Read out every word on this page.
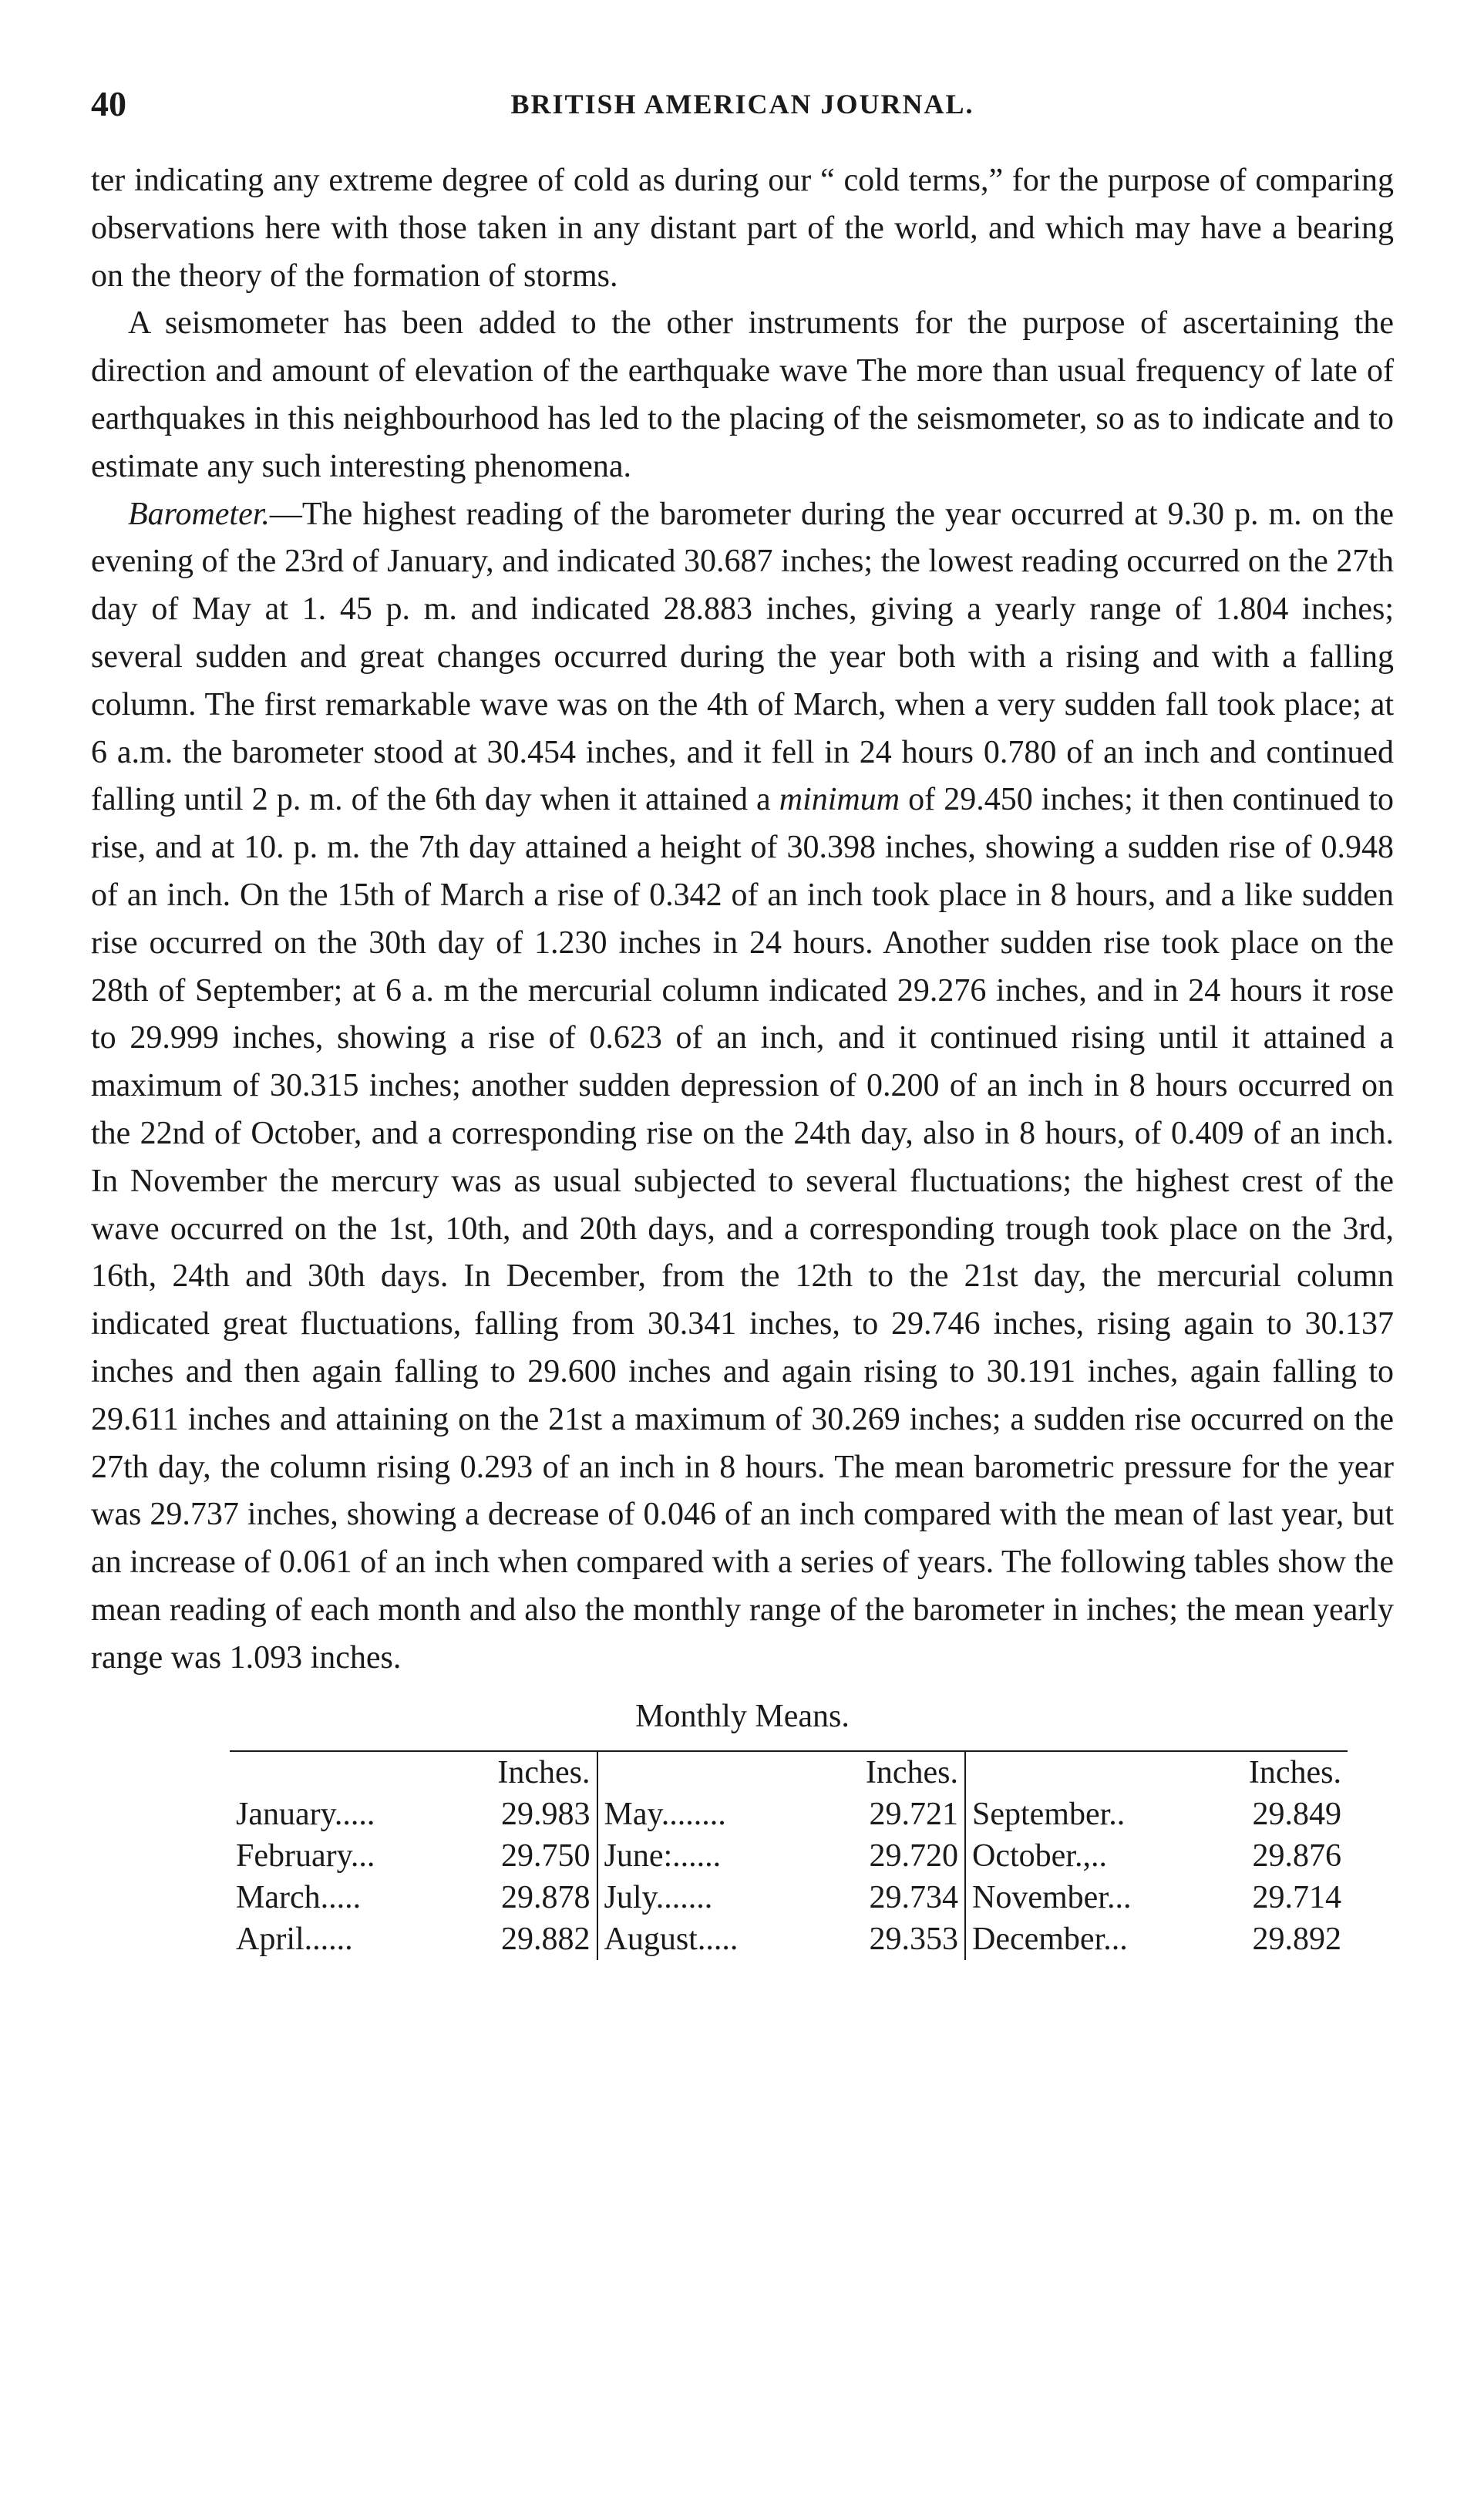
40	BRITISH AMERICAN JOURNAL.

ter indicating any extreme degree of cold as during our “ cold terms,” for the purpose of comparing observations here with those taken in any distant part of the world, and which may have a bearing on the theory of the formation of storms.

A seismometer has been added to the other instruments for the purpose of ascertaining the direction and amount of elevation of the earthquake wave The more than usual frequency of late of earthquakes in this neighbourhood has led to the placing of the seismometer, so as to indicate and to estimate any such interesting phenomena.

Barometer.—The highest reading of the barometer during the year occurred at 9.30 p. m. on the evening of the 23rd of January, and indicated 30.687 inches; the lowest reading occurred on the 27th day of May at 1. 45 p. m. and indicated 28.883 inches, giving a yearly range of 1.804 inches; several sudden and great changes occurred during the year both with a rising and with a falling column. The first remarkable wave was on the 4th of March, when a very sudden fall took place; at 6 a.m. the barometer stood at 30.454 inches, and it fell in 24 hours 0.780 of an inch and continued falling until 2 p. m. of the 6th day when it attained a minimum of 29.450 inches; it then continued to rise, and at 10. p. m. the 7th day attained a height of 30.398 inches, showing a sudden rise of 0.948 of an inch. On the 15th of March a rise of 0.342 of an inch took place in 8 hours, and a like sudden rise occurred on the 30th day of 1.230 inches in 24 hours. Another sudden rise took place on the 28th of September; at 6 a. m the mercurial column indicated 29.276 inches, and in 24 hours it rose to 29.999 inches, showing a rise of 0.623 of an inch, and it continued rising until it attained a maximum of 30.315 inches; another sudden depression of 0.200 of an inch in 8 hours occurred on the 22nd of October, and a corresponding rise on the 24th day, also in 8 hours, of 0.409 of an inch. In November the mercury was as usual subjected to several fluctuations; the highest crest of the wave occurred on the 1st, 10th, and 20th days, and a corresponding trough took place on the 3rd, 16th, 24th and 30th days. In December, from the 12th to the 21st day, the mercurial column indicated great fluctuations, falling from 30.341 inches, to 29.746 inches, rising again to 30.137 inches and then again falling to 29.600 inches and again rising to 30.191 inches, again falling to 29.611 inches and attaining on the 21st a maximum of 30.269 inches; a sudden rise occurred on the 27th day, the column rising 0.293 of an inch in 8 hours. The mean barometric pressure for the year was 29.737 inches, showing a decrease of 0.046 of an inch compared with the mean of last year, but an increase of 0.061 of an inch when compared with a series of years. The following tables show the mean reading of each month and also the monthly range of the barometer in inches; the mean yearly range was 1.093 inches.

Monthly Means.
	Inches.		Inches.		Inches.
January.....	29.983	May........	29.721	September..	29.849
February...	29.750	June:......	29.720	October.,..	29.876
March.....	29.878	July.......	29.734	November...	29.714
April......	29.882	August.....	29.353	December...	29.892
